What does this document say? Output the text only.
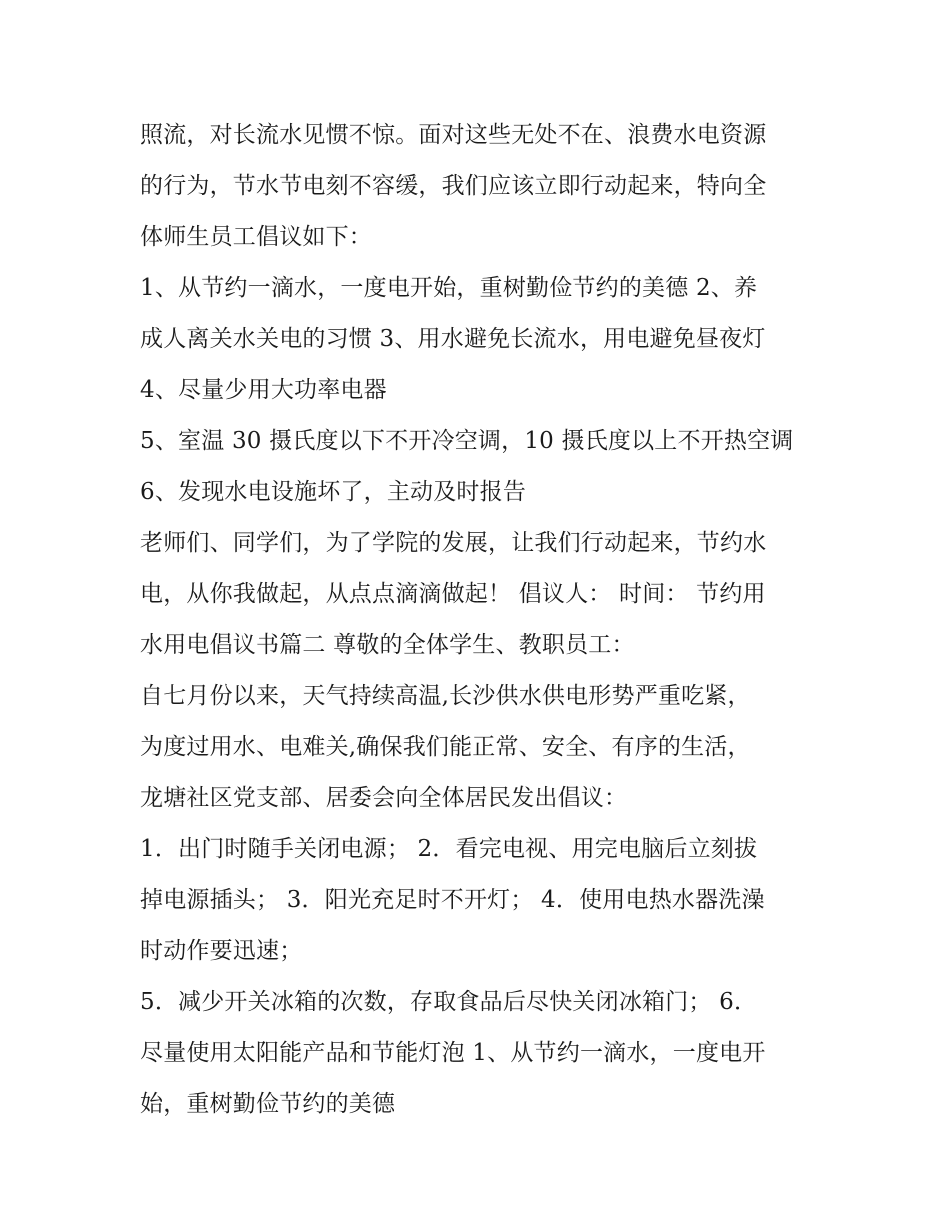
照流，对长流水见惯不惊。面对这些无处不在、浪费水电资源
的行为，节水节电刻不容缓，我们应该立即行动起来，特向全
体师生员工倡议如下：
1、从节约一滴水，一度电开始，重树勤俭节约的美德 2、养
成人离关水关电的习惯 3、用水避免长流水，用电避免昼夜灯
4、尽量少用大功率电器
5、室温 30 摄氏度以下不开冷空调，10 摄氏度以上不开热空调
6、发现水电设施坏了，主动及时报告
老师们、同学们，为了学院的发展，让我们行动起来，节约水
电，从你我做起，从点点滴滴做起！ 倡议人： 时间： 节约用
水用电倡议书篇二 尊敬的全体学生、教职员工：
自七月份以来，天气持续高温,长沙供水供电形势严重吃紧，
为度过用水、电难关,确保我们能正常、安全、有序的生活，
龙塘社区党支部、居委会向全体居民发出倡议：
1．出门时随手关闭电源； 2．看完电视、用完电脑后立刻拔
掉电源插头； 3．阳光充足时不开灯； 4．使用电热水器洗澡
时动作要迅速；
5．减少开关冰箱的次数，存取食品后尽快关闭冰箱门； 6．
尽量使用太阳能产品和节能灯泡 1、从节约一滴水，一度电开
始，重树勤俭节约的美德
